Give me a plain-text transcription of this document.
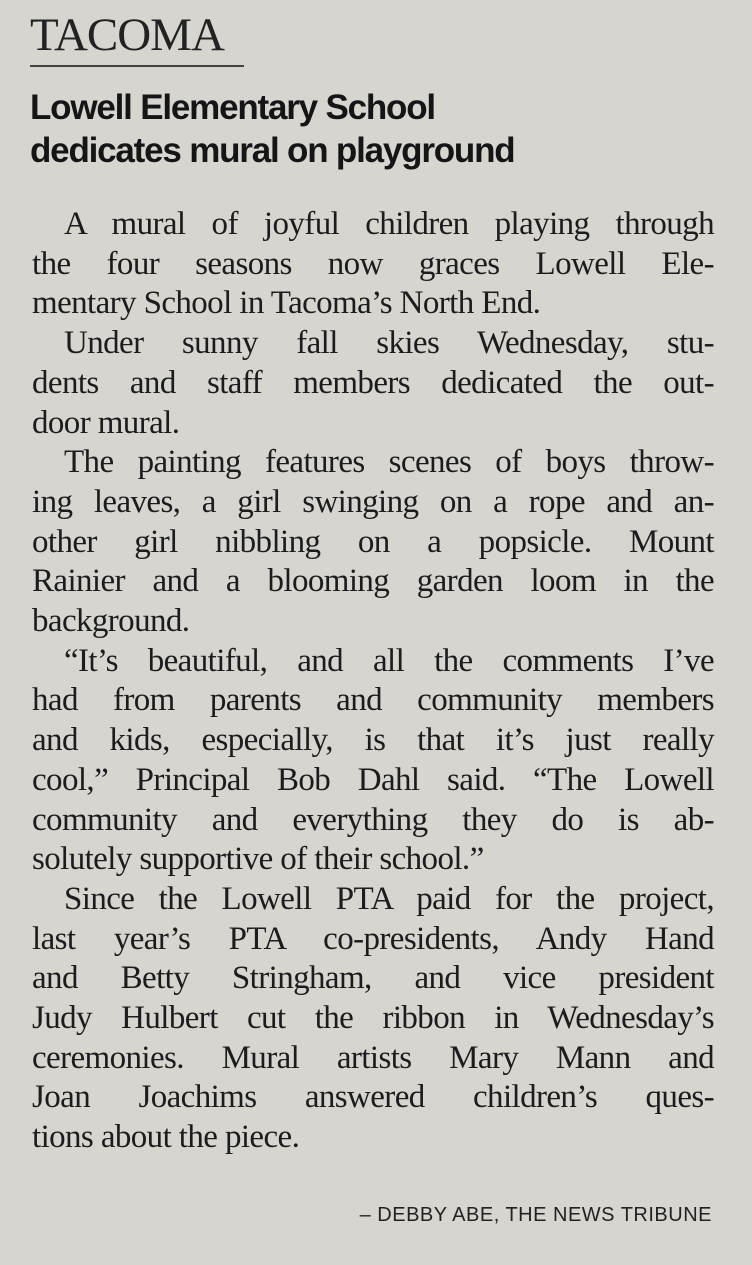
TACOMA
Lowell Elementary School
dedicates mural on playground

A mural of joyful children playing through
the four seasons now graces Lowell Ele-
mentary School in Tacoma’s North End.

Under sunny fall skies Wednesday, stu-
dents and staff members dedicated the out-
door mural.

The painting features scenes of boys throw-
ing leaves, a girl swinging on a rope and an-
other girl nibbling on a popsicle. Mount
Rainier and a blooming garden loom in the
background.

“It’s beautiful, and all the comments I’ve
had from parents and community members
and kids, especially, is that it’s just really
cool,” Principal Bob Dahl said. “The Lowell
community and everything they do is ab-
solutely supportive of their school.”

Since the Lowell PTA paid for the project,
last year’s PTA co-presidents, Andy Hand
and Betty Stringham, and vice president
Judy Hulbert cut the ribbon in Wednesday’s
ceremonies. Mural artists Mary Mann and
Joan Joachims answered children’s ques-
tions about the piece.

– DEBBY ABE, THE NEWS TRIBUNE
